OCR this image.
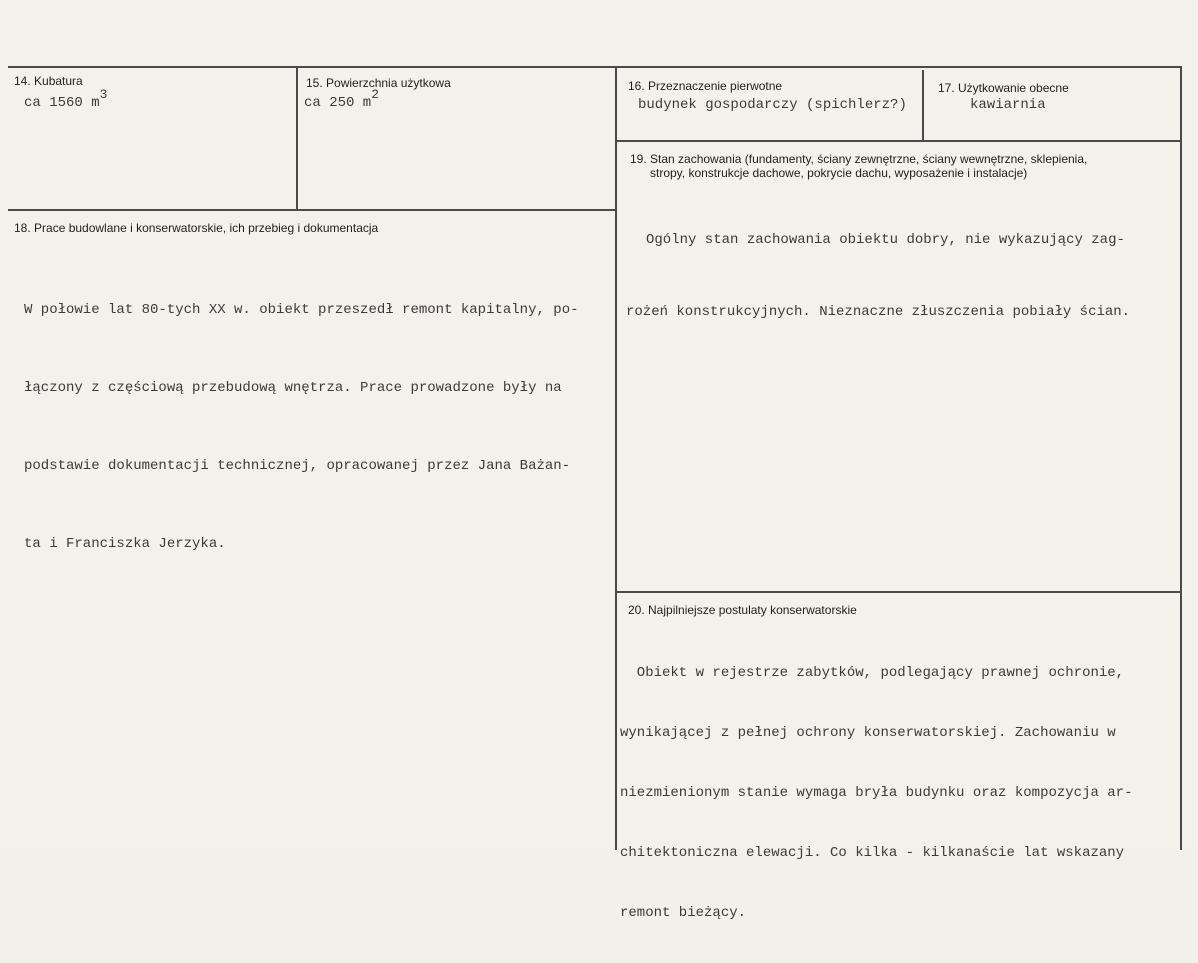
14. Kubatura
ca 1560 m3
15. Powierzchnia użytkowa
ca 250 m2
16. Przeznaczenie pierwotne
budynek gospodarczy (spichlerz?)
17. Użytkowanie obecne
kawiarnia
18. Prace budowlane i konserwatorskie, ich przebieg i dokumentacja

W połowie lat 80-tych XX w. obiekt przeszedł remont kapitalny, po-

łączony z częściową przebudową wnętrza. Prace prowadzone były na

podstawie dokumentacji technicznej, opracowanej przez Jana Bażan-

ta i Franciszka Jerzyka.

19. Stan zachowania (fundamenty, ściany zewnętrzne, ściany wewnętrzne, sklepienia,
stropy, konstrukcje dachowe, pokrycie dachu, wyposażenie i instalacje)

Ogólny stan zachowania obiektu dobry, nie wykazujący zag-

rożeń konstrukcyjnych. Nieznaczne złuszczenia pobiały ścian.

20. Najpilniejsze postulaty konserwatorskie

Obiekt w rejestrze zabytków, podlegający prawnej ochronie,

wynikającej z pełnej ochrony konserwatorskiej. Zachowaniu w

niezmienionym stanie wymaga bryła budynku oraz kompozycja ar-

chitektoniczna elewacji. Co kilka - kilkanaście lat wskazany

remont bieżący.
